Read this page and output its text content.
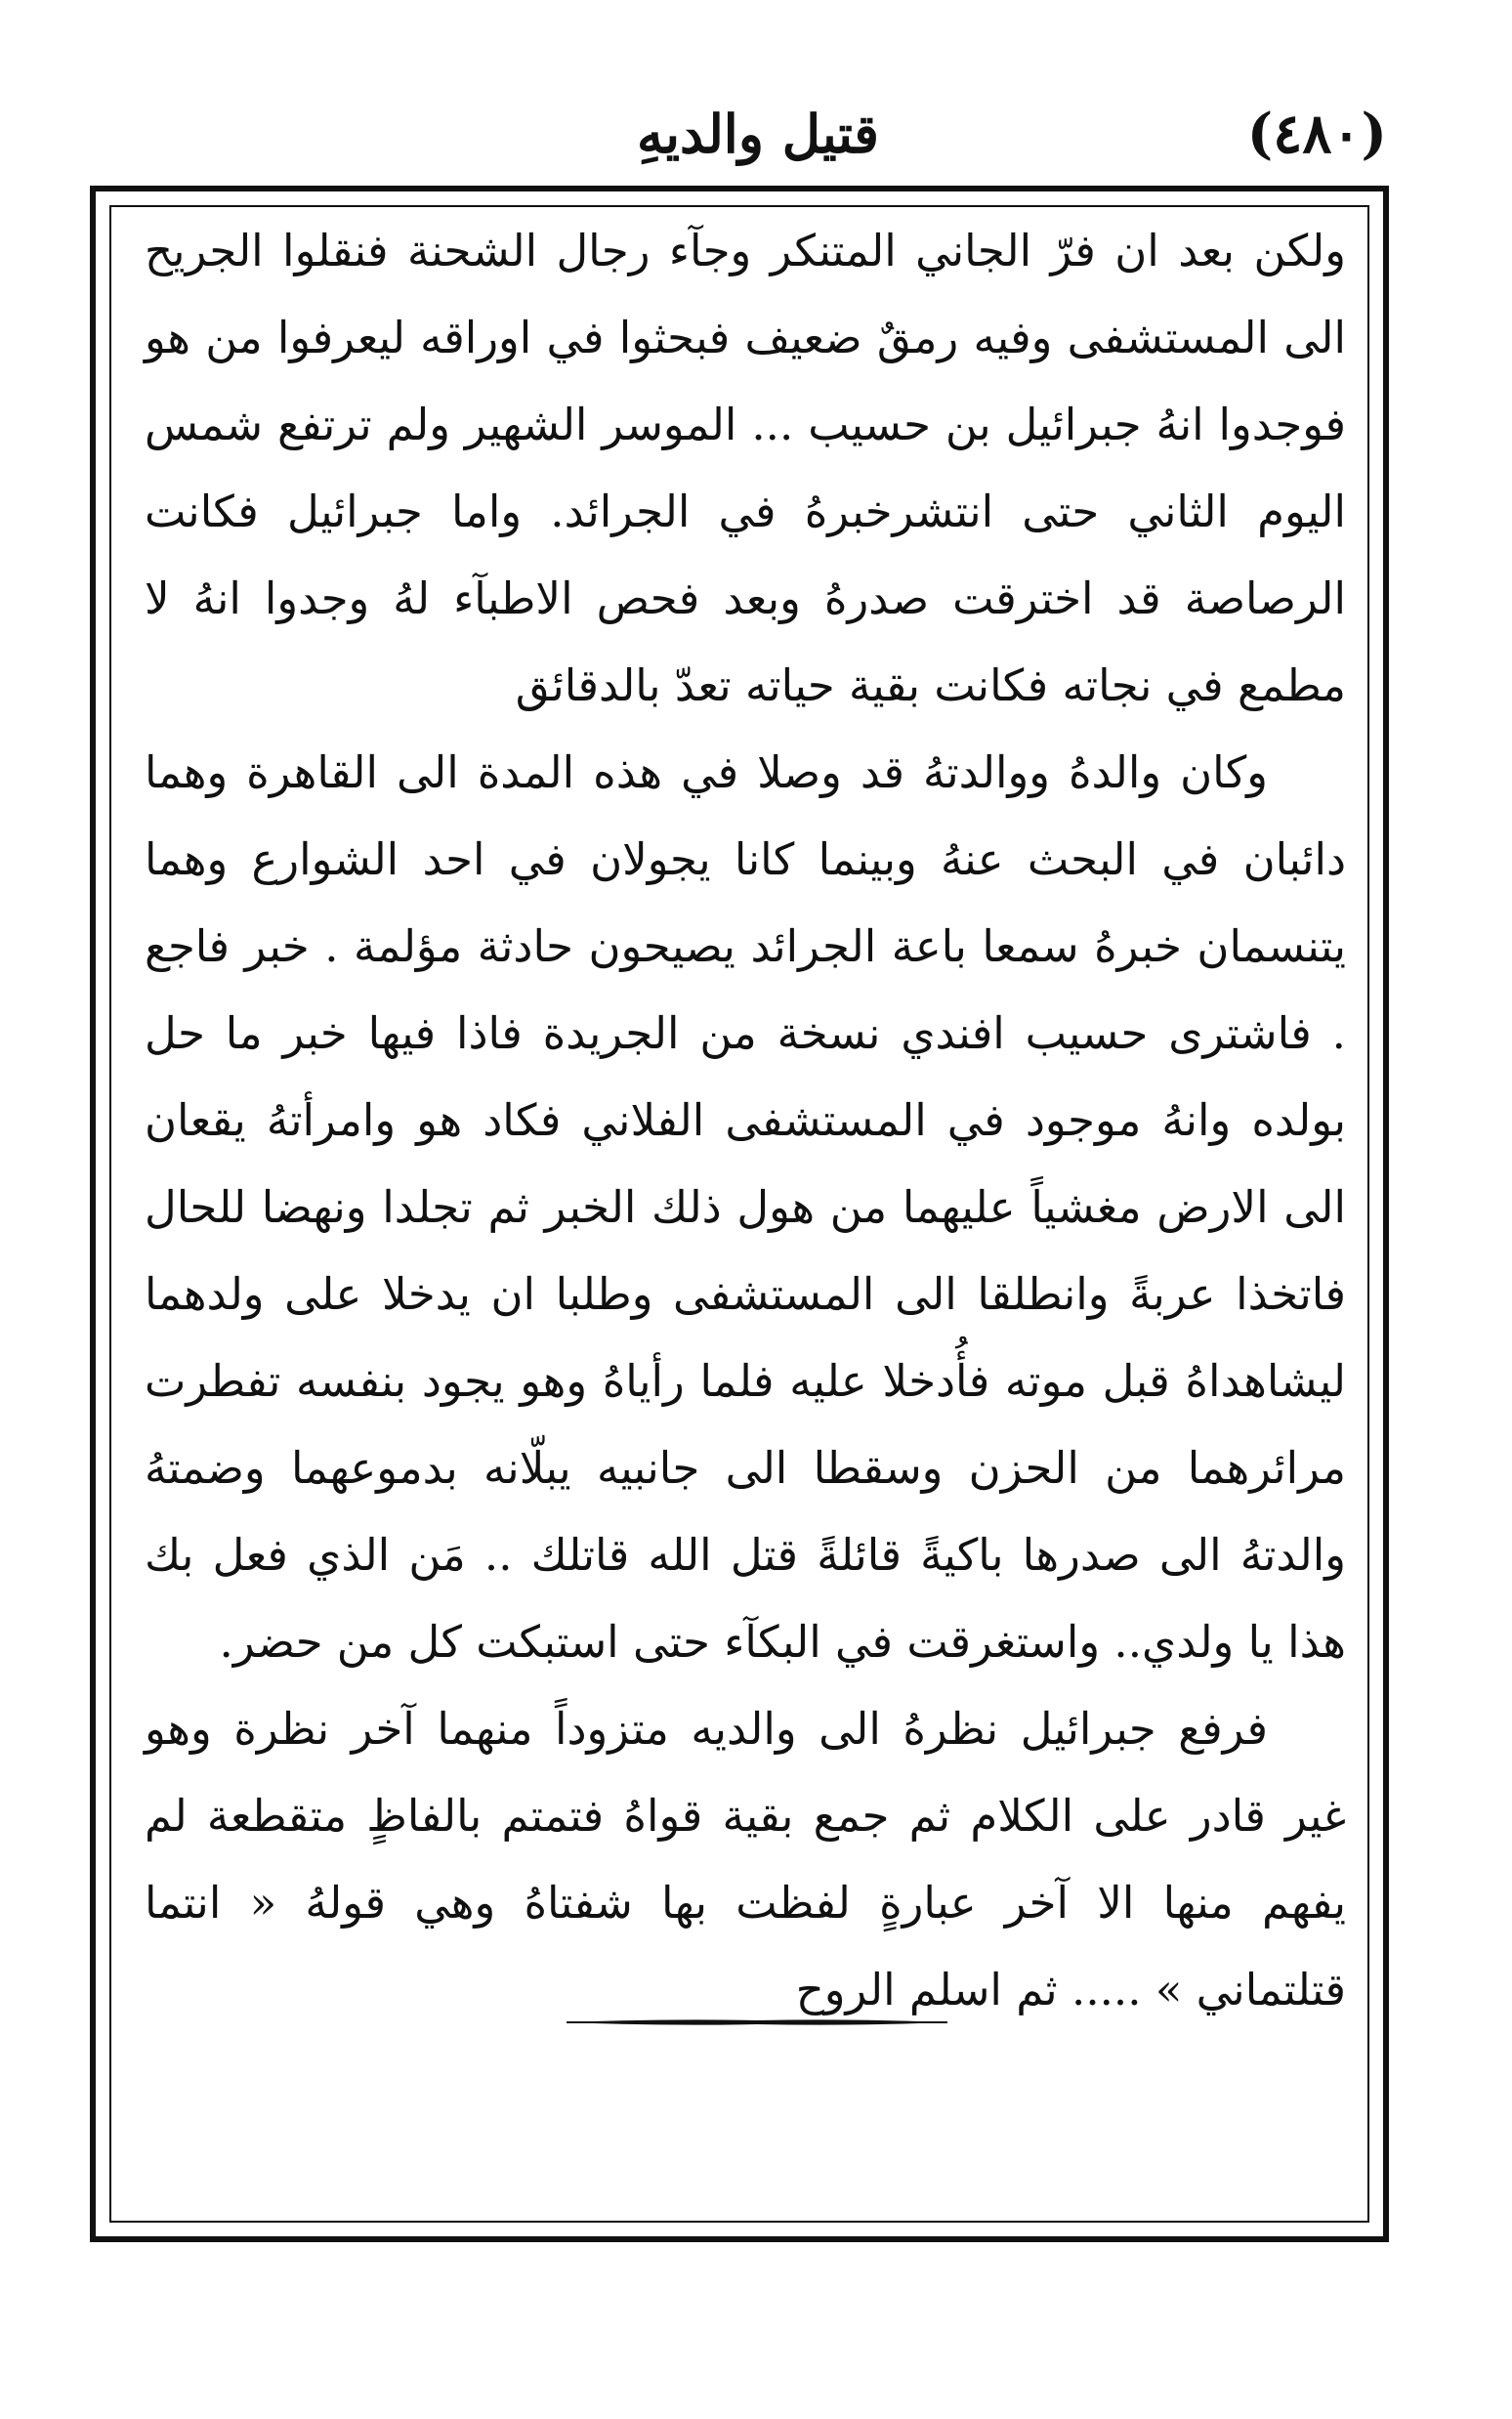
(٤٨٠)
قتيل والديهِ

ولكن بعد ان فرّ الجاني المتنكر وجآء رجال الشحنة فنقلوا الجريح الى المستشفى وفيه رمقٌ ضعيف فبحثوا في اوراقه ليعرفوا من هو فوجدوا انهُ جبرائيل بن حسيب ... الموسر الشهير ولم ترتفع شمس اليوم الثاني حتى انتشرخبرهُ في الجرائد. واما جبرائيل فكانت الرصاصة قد اخترقت صدرهُ وبعد فحص الاطبآء لهُ وجدوا انهُ لا مطمع في نجاته فكانت بقية حياته تعدّ بالدقائق

وكان والدهُ ووالدتهُ قد وصلا في هذه المدة الى القاهرة وهما دائبان في البحث عنهُ وبينما كانا يجولان في احد الشوارع وهما يتنسمان خبرهُ سمعا باعة الجرائد يصيحون حادثة مؤلمة . خبر فاجع . فاشترى حسيب افندي نسخة من الجريدة فاذا فيها خبر ما حل بولده وانهُ موجود في المستشفى الفلاني فكاد هو وامرأتهُ يقعان الى الارض مغشياً عليهما من هول ذلك الخبر ثم تجلدا ونهضا للحال فاتخذا عربةً وانطلقا الى المستشفى وطلبا ان يدخلا على ولدهما ليشاهداهُ قبل موته فأُدخلا عليه فلما رأياهُ وهو يجود بنفسه تفطرت مرائرهما من الحزن وسقطا الى جانبيه يبلّانه بدموعهما وضمتهُ والدتهُ الى صدرها باكيةً قائلةً قتل الله قاتلك .. مَن الذي فعل بك هذا يا ولدي.. واستغرقت في البكآء حتى استبكت كل من حضر.

فرفع جبرائيل نظرهُ الى والديه متزوداً منهما آخر نظرة وهو غير قادر على الكلام ثم جمع بقية قواهُ فتمتم بالفاظٍ متقطعة لم يفهم منها الا آخر عبارةٍ لفظت بها شفتاهُ وهي قولهُ « انتما قتلتماني » ..... ثم اسلم الروح
